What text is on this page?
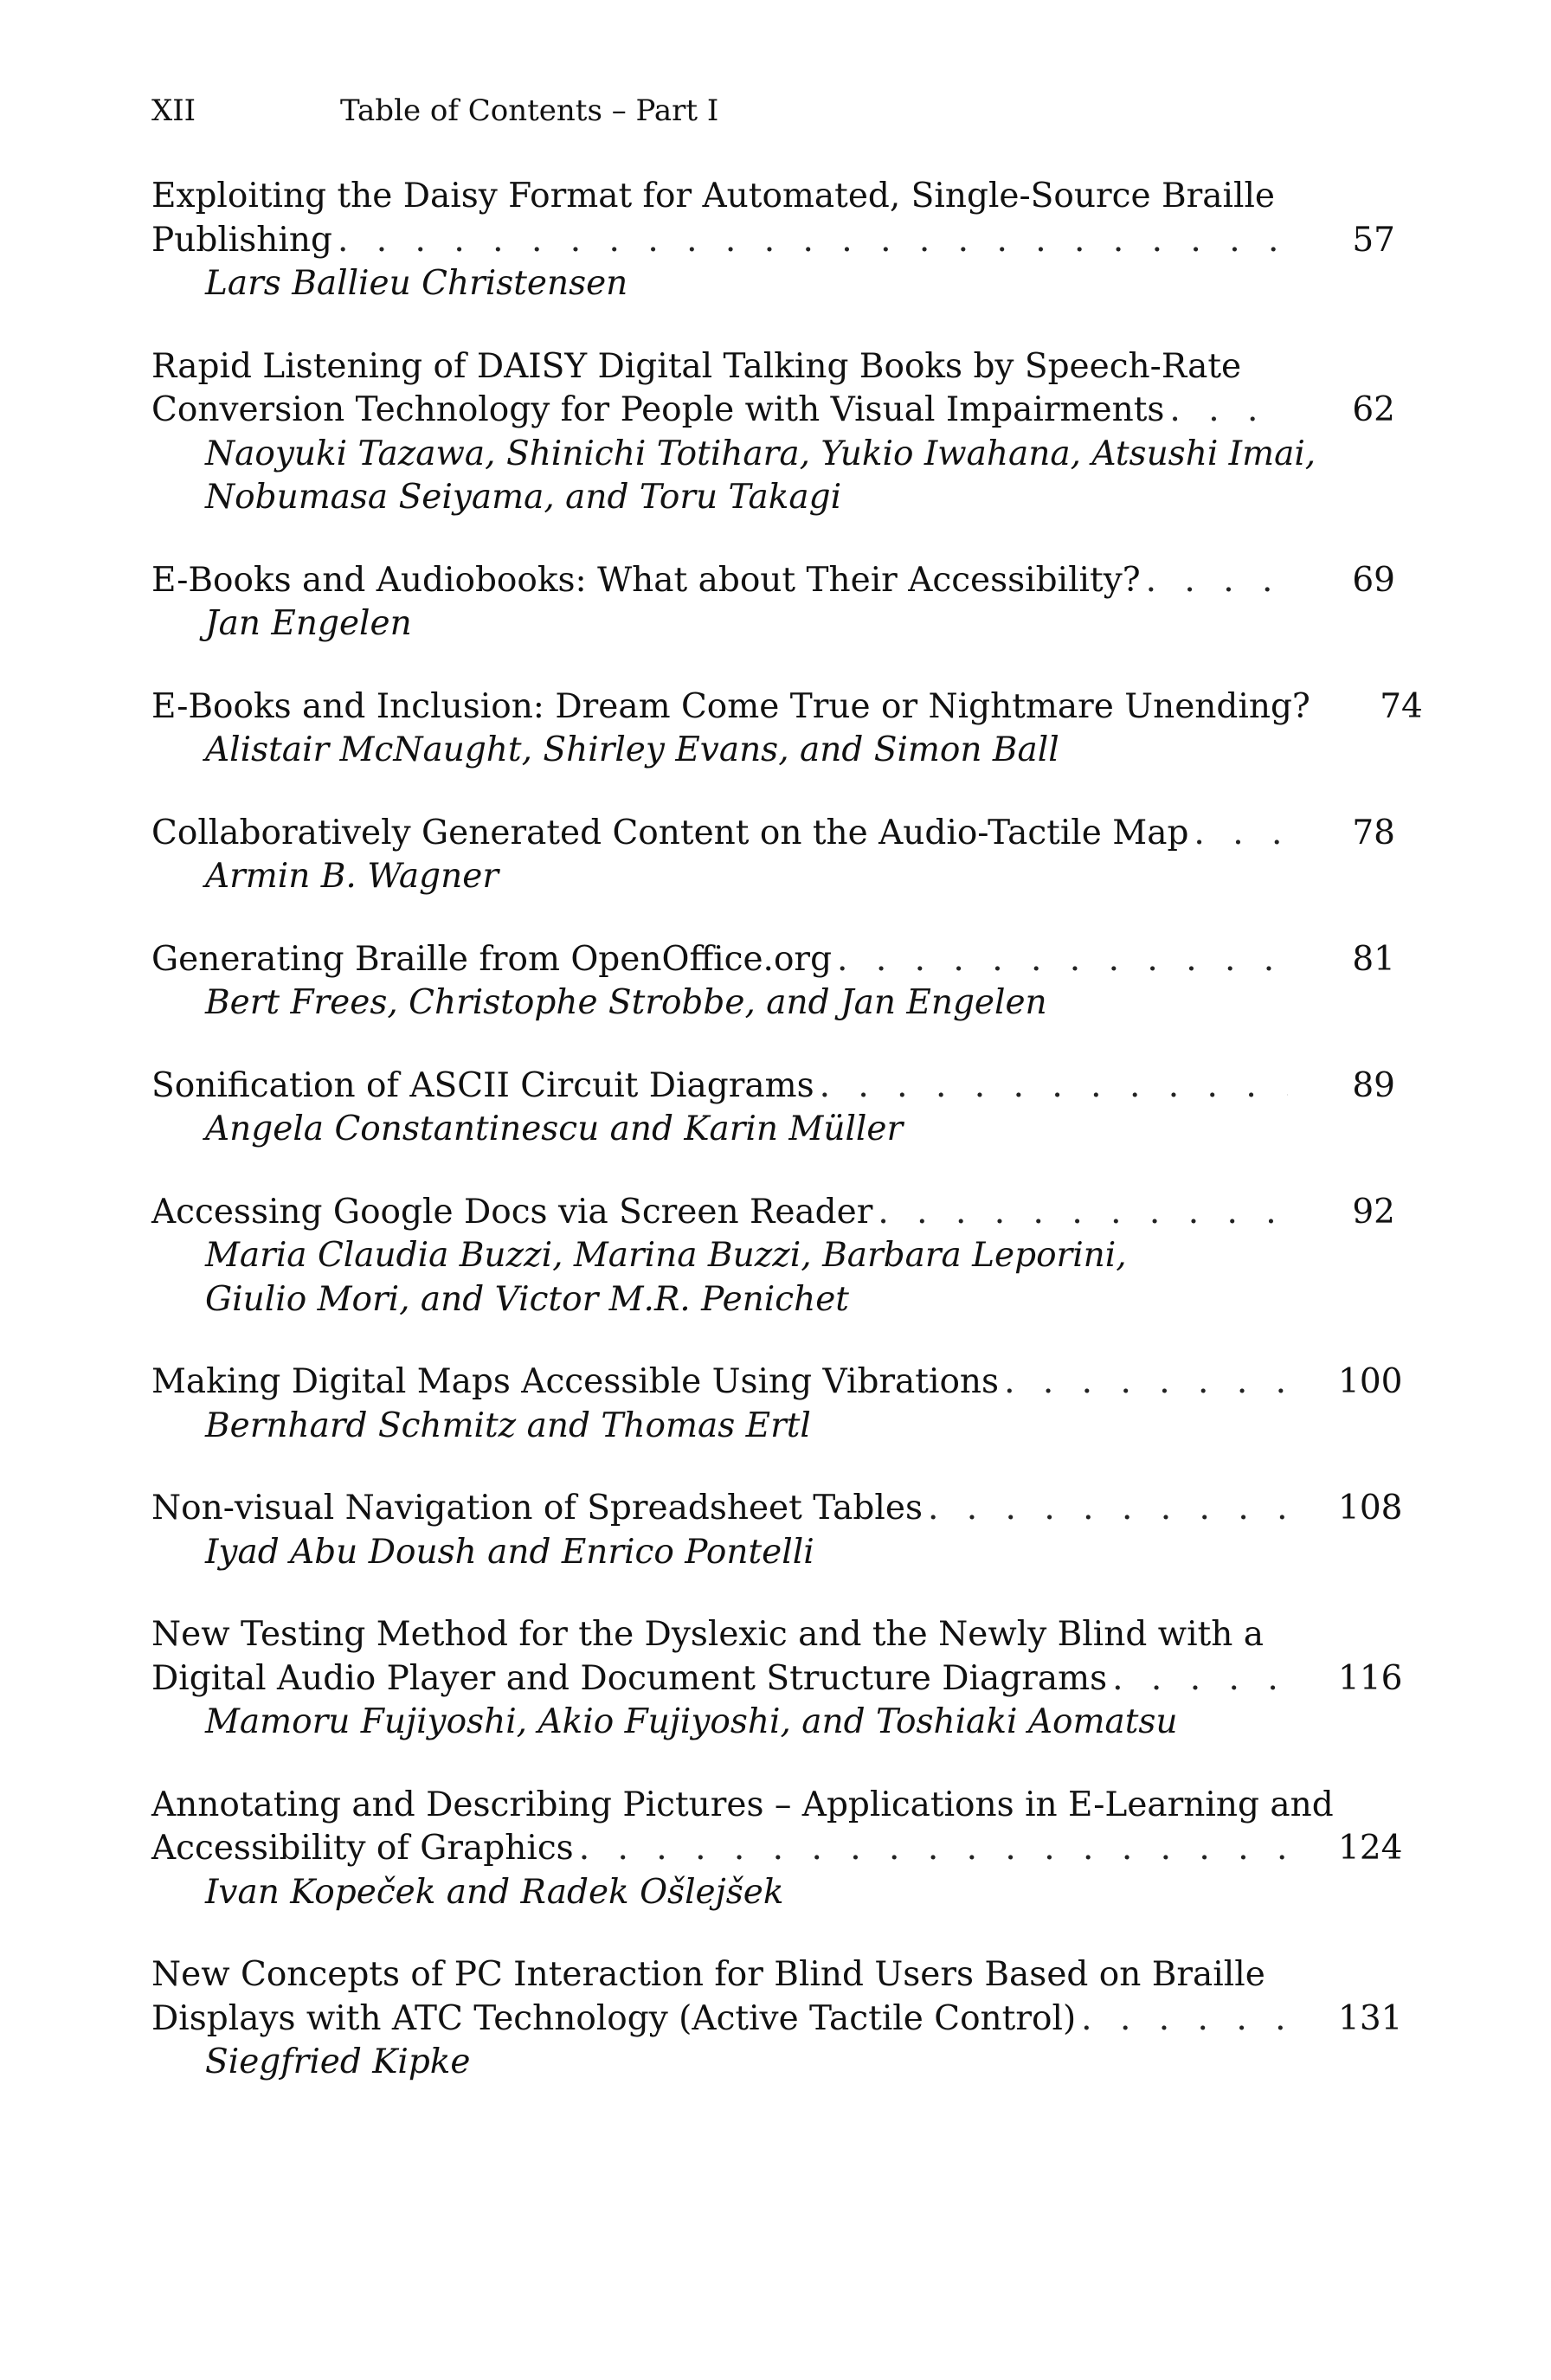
XII	Table of Contents – Part I
Exploiting the Daisy Format for Automated, Single-Source Braille
Publishing . . .	57
Lars Ballieu Christensen
Rapid Listening of DAISY Digital Talking Books by Speech-Rate
Conversion Technology for People with Visual Impairments . . .	62
Naoyuki Tazawa, Shinichi Totihara, Yukio Iwahana, Atsushi Imai,
Nobumasa Seiyama, and Toru Takagi
E-Books and Audiobooks: What about Their Accessibility? . . .	69
Jan Engelen
E-Books and Inclusion: Dream Come True or Nightmare Unending?	74
Alistair McNaught, Shirley Evans, and Simon Ball
Collaboratively Generated Content on the Audio-Tactile Map . . .	78
Armin B. Wagner
Generating Braille from OpenOffice.org . . .	81
Bert Frees, Christophe Strobbe, and Jan Engelen
Sonification of ASCII Circuit Diagrams . . .	89
Angela Constantinescu and Karin Müller
Accessing Google Docs via Screen Reader . . .	92
Maria Claudia Buzzi, Marina Buzzi, Barbara Leporini,
Giulio Mori, and Victor M.R. Penichet
Making Digital Maps Accessible Using Vibrations . . .	100
Bernhard Schmitz and Thomas Ertl
Non-visual Navigation of Spreadsheet Tables . . .	108
Iyad Abu Doush and Enrico Pontelli
New Testing Method for the Dyslexic and the Newly Blind with a
Digital Audio Player and Document Structure Diagrams . . .	116
Mamoru Fujiyoshi, Akio Fujiyoshi, and Toshiaki Aomatsu
Annotating and Describing Pictures – Applications in E-Learning and
Accessibility of Graphics . . .	124
Ivan Kopeček and Radek Ošlejšek
New Concepts of PC Interaction for Blind Users Based on Braille
Displays with ATC Technology (Active Tactile Control) . . .	131
Siegfried Kipke
